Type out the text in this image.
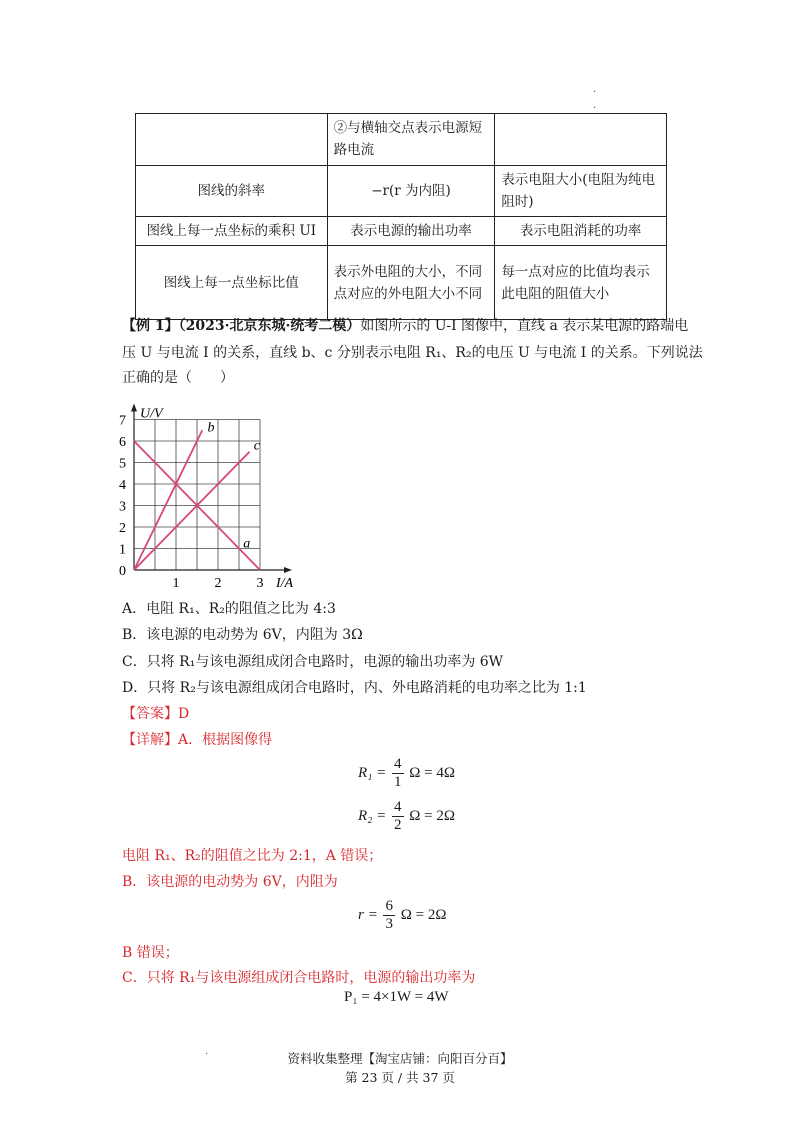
.
.
	②与横轴交点表示电源短路电流	
图线的斜率	−r(r 为内阻)	表示电阻大小(电阻为纯电阻时)
图线上每一点坐标的乘积 UI	表示电源的输出功率	表示电阻消耗的功率
图线上每一点坐标比值	表示外电阻的大小，不同点对应的外电阻大小不同	每一点对应的比值均表示此电阻的阻值大小
【例 1】（2023·北京东城·统考二模）如图所示的 U-I 图像中，直线 a 表示某电源的路端电
压 U 与电流 I 的关系，直线 b、c 分别表示电阻 R₁、R₂的电压 U 与电流 I 的关系。下列说法
正确的是（　　）
a
b
c
0
1
2
3
4
5
6
7
1	2	3
U/V
I/A
A．电阻 R₁、R₂的阻值之比为 4:3
B．该电源的电动势为 6V，内阻为 3Ω
C．只将 R₁与该电源组成闭合电路时，电源的输出功率为 6W
D．只将 R₂与该电源组成闭合电路时，内、外电路消耗的电功率之比为 1:1
【答案】D
【详解】A．根据图像得
$R_1 = \frac{4}{1}$ Ω = 4Ω
$R_2 = \frac{4}{2}$ Ω = 2Ω
电阻 R₁、R₂的阻值之比为 2:1，A 错误；
B．该电源的电动势为 6V，内阻为
$r = \frac{6}{3}$ Ω = 2Ω
B 错误；
C．只将 R₁与该电源组成闭合电路时，电源的输出功率为
P₁ = 4×1W = 4W
.	资料收集整理【淘宝店铺：向阳百分百】
第 23 页 / 共 37 页
